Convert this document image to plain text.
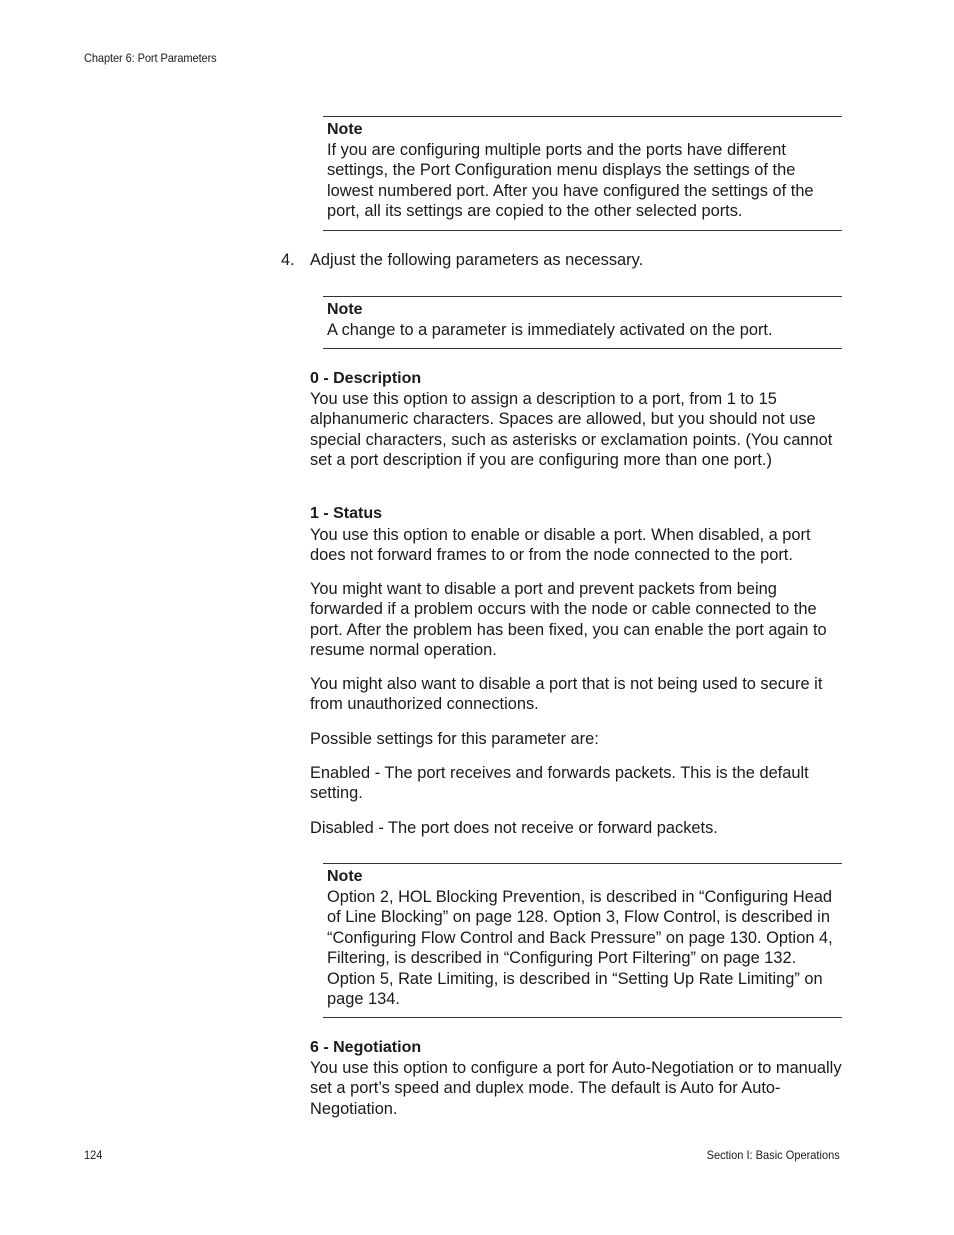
Chapter 6: Port Parameters
Note
If you are configuring multiple ports and the ports have different settings, the Port Configuration menu displays the settings of the lowest numbered port. After you have configured the settings of the port, all its settings are copied to the other selected ports.
4. Adjust the following parameters as necessary.
Note
A change to a parameter is immediately activated on the port.
0 - Description
You use this option to assign a description to a port, from 1 to 15 alphanumeric characters. Spaces are allowed, but you should not use special characters, such as asterisks or exclamation points. (You cannot set a port description if you are configuring more than one port.)
1 - Status
You use this option to enable or disable a port. When disabled, a port does not forward frames to or from the node connected to the port.
You might want to disable a port and prevent packets from being forwarded if a problem occurs with the node or cable connected to the port. After the problem has been fixed, you can enable the port again to resume normal operation.
You might also want to disable a port that is not being used to secure it from unauthorized connections.
Possible settings for this parameter are:
Enabled - The port receives and forwards packets. This is the default setting.
Disabled - The port does not receive or forward packets.
Note
Option 2, HOL Blocking Prevention, is described in “Configuring Head of Line Blocking” on page 128. Option 3, Flow Control, is described in “Configuring Flow Control and Back Pressure” on page 130. Option 4, Filtering, is described in “Configuring Port Filtering” on page 132. Option 5, Rate Limiting, is described in “Setting Up Rate Limiting” on page 134.
6 - Negotiation
You use this option to configure a port for Auto-Negotiation or to manually set a port’s speed and duplex mode. The default is Auto for Auto-Negotiation.
124	Section I: Basic Operations
